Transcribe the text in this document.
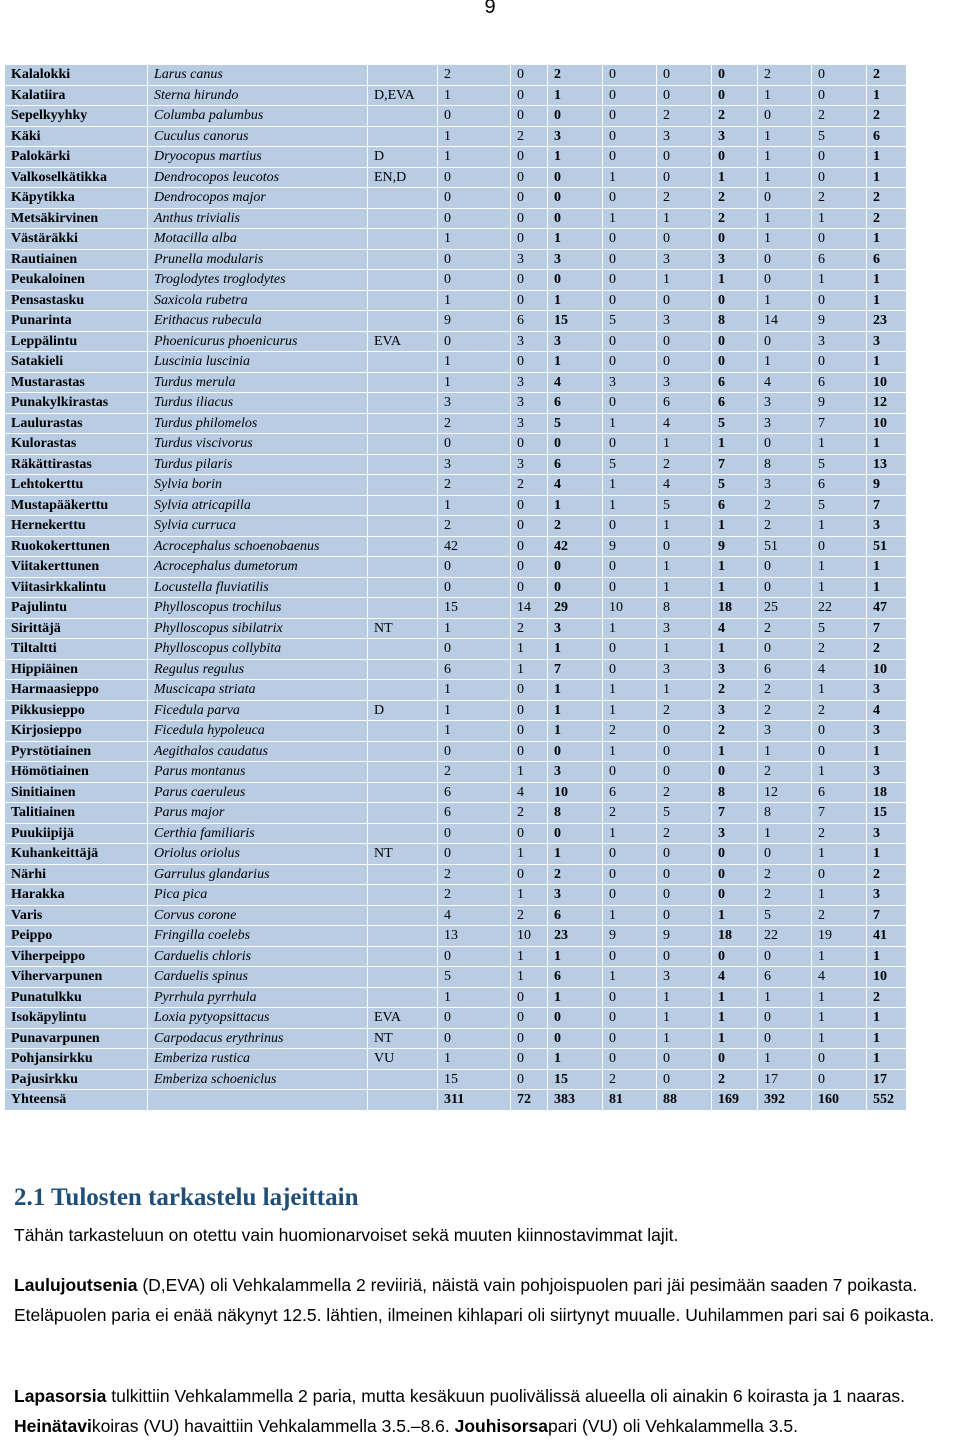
9
Kalalokki	Larus canus		2	0	2	0	0	0	2	0	2
Kalatiira	Sterna hirundo	D,EVA	1	0	1	0	0	0	1	0	1
Sepelkyyhky	Columba palumbus		0	0	0	0	2	2	0	2	2
Käki	Cuculus canorus		1	2	3	0	3	3	1	5	6
Palokärki	Dryocopus martius	D	1	0	1	0	0	0	1	0	1
Valkoselkätikka	Dendrocopos leucotos	EN,D	0	0	0	1	0	1	1	0	1
Käpytikka	Dendrocopos major		0	0	0	0	2	2	0	2	2
Metsäkirvinen	Anthus trivialis		0	0	0	1	1	2	1	1	2
Västäräkki	Motacilla alba		1	0	1	0	0	0	1	0	1
Rautiainen	Prunella modularis		0	3	3	0	3	3	0	6	6
Peukaloinen	Troglodytes troglodytes		0	0	0	0	1	1	0	1	1
Pensastasku	Saxicola rubetra		1	0	1	0	0	0	1	0	1
Punarinta	Erithacus rubecula		9	6	15	5	3	8	14	9	23
Leppälintu	Phoenicurus phoenicurus	EVA	0	3	3	0	0	0	0	3	3
Satakieli	Luscinia luscinia		1	0	1	0	0	0	1	0	1
Mustarastas	Turdus merula		1	3	4	3	3	6	4	6	10
Punakylkirastas	Turdus iliacus		3	3	6	0	6	6	3	9	12
Laulurastas	Turdus philomelos		2	3	5	1	4	5	3	7	10
Kulorastas	Turdus viscivorus		0	0	0	0	1	1	0	1	1
Räkättirastas	Turdus pilaris		3	3	6	5	2	7	8	5	13
Lehtokerttu	Sylvia borin		2	2	4	1	4	5	3	6	9
Mustapääkerttu	Sylvia atricapilla		1	0	1	1	5	6	2	5	7
Hernekerttu	Sylvia curruca		2	0	2	0	1	1	2	1	3
Ruokokerttunen	Acrocephalus schoenobaenus		42	0	42	9	0	9	51	0	51
Viitakerttunen	Acrocephalus dumetorum		0	0	0	0	1	1	0	1	1
Viitasirkkalintu	Locustella fluviatilis		0	0	0	0	1	1	0	1	1
Pajulintu	Phylloscopus trochilus		15	14	29	10	8	18	25	22	47
Sirittäjä	Phylloscopus sibilatrix	NT	1	2	3	1	3	4	2	5	7
Tiltaltti	Phylloscopus collybita		0	1	1	0	1	1	0	2	2
Hippiäinen	Regulus regulus		6	1	7	0	3	3	6	4	10
Harmaasieppo	Muscicapa striata		1	0	1	1	1	2	2	1	3
Pikkusieppo	Ficedula parva	D	1	0	1	1	2	3	2	2	4
Kirjosieppo	Ficedula hypoleuca		1	0	1	2	0	2	3	0	3
Pyrstötiainen	Aegithalos caudatus		0	0	0	1	0	1	1	0	1
Hömötiainen	Parus montanus		2	1	3	0	0	0	2	1	3
Sinitiainen	Parus caeruleus		6	4	10	6	2	8	12	6	18
Talitiainen	Parus major		6	2	8	2	5	7	8	7	15
Puukiipijä	Certhia familiaris		0	0	0	1	2	3	1	2	3
Kuhankeittäjä	Oriolus oriolus	NT	0	1	1	0	0	0	0	1	1
Närhi	Garrulus glandarius		2	0	2	0	0	0	2	0	2
Harakka	Pica pica		2	1	3	0	0	0	2	1	3
Varis	Corvus corone		4	2	6	1	0	1	5	2	7
Peippo	Fringilla coelebs		13	10	23	9	9	18	22	19	41
Viherpeippo	Carduelis chloris		0	1	1	0	0	0	0	1	1
Vihervarpunen	Carduelis spinus		5	1	6	1	3	4	6	4	10
Punatulkku	Pyrrhula pyrrhula		1	0	1	0	1	1	1	1	2
Isokäpylintu	Loxia pytyopsittacus	EVA	0	0	0	0	1	1	0	1	1
Punavarpunen	Carpodacus erythrinus	NT	0	0	0	0	1	1	0	1	1
Pohjansirkku	Emberiza rustica	VU	1	0	1	0	0	0	1	0	1
Pajusirkku	Emberiza schoeniclus		15	0	15	2	0	2	17	0	17
Yhteensä			311	72	383	81	88	169	392	160	552
2.1 Tulosten tarkastelu lajeittain

Tähän tarkasteluun on otettu vain huomionarvoiset sekä muuten kiinnostavimmat lajit.

Laulujoutsenia (D,EVA) oli Vehkalammella 2 reviiriä, näistä vain pohjoispuolen pari jäi pesimään saaden 7 poikasta. Eteläpuolen paria ei enää näkynyt 12.5. lähtien, ilmeinen kihlapari oli siirtynyt muualle. Uuhilammen pari sai 6 poikasta.

Lapasorsia tulkittiin Vehkalammella 2 paria, mutta kesäkuun puolivälissä alueella oli ainakin 6 koirasta ja 1 naaras. Heinätavikoiras (VU) havaittiin Vehkalammella 3.5.–8.6. Jouhisorsapari (VU) oli Vehkalammella 3.5.
